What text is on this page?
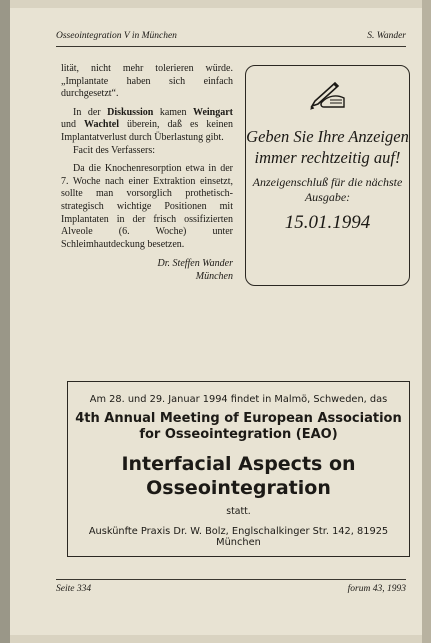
Osseointegration V in München	S. Wander

lität, nicht mehr tolerieren würde. „Implantate haben sich einfach durchgesetzt“.

In der Diskussion kamen Weingart und Wachtel überein, daß es keinen Implantatverlust durch Überlastung gibt.

Facit des Verfassers:

Da die Knochenresorption etwa in der 7. Woche nach einer Extraktion einsetzt, sollte man vorsorglich prothetisch-strategisch wichtige Positionen mit Implantaten in der frisch ossifizierten Alveole (6. Woche) unter Schleimhautdeckung besetzen.

Dr. Steffen Wander
München
Geben Sie Ihre Anzeigen immer rechtzeitig auf!
Anzeigenschluß für die nächste Ausgabe:
15.01.1994
Am 28. und 29. Januar 1994 findet in Malmö, Schweden, das
4th Annual Meeting of European Association for Osseointegration (EAO)
Interfacial Aspects on Osseointegration
statt.
Auskünfte Praxis Dr. W. Bolz, Englschalkinger Str. 142, 81925 München
Seite 334	forum 43, 1993
